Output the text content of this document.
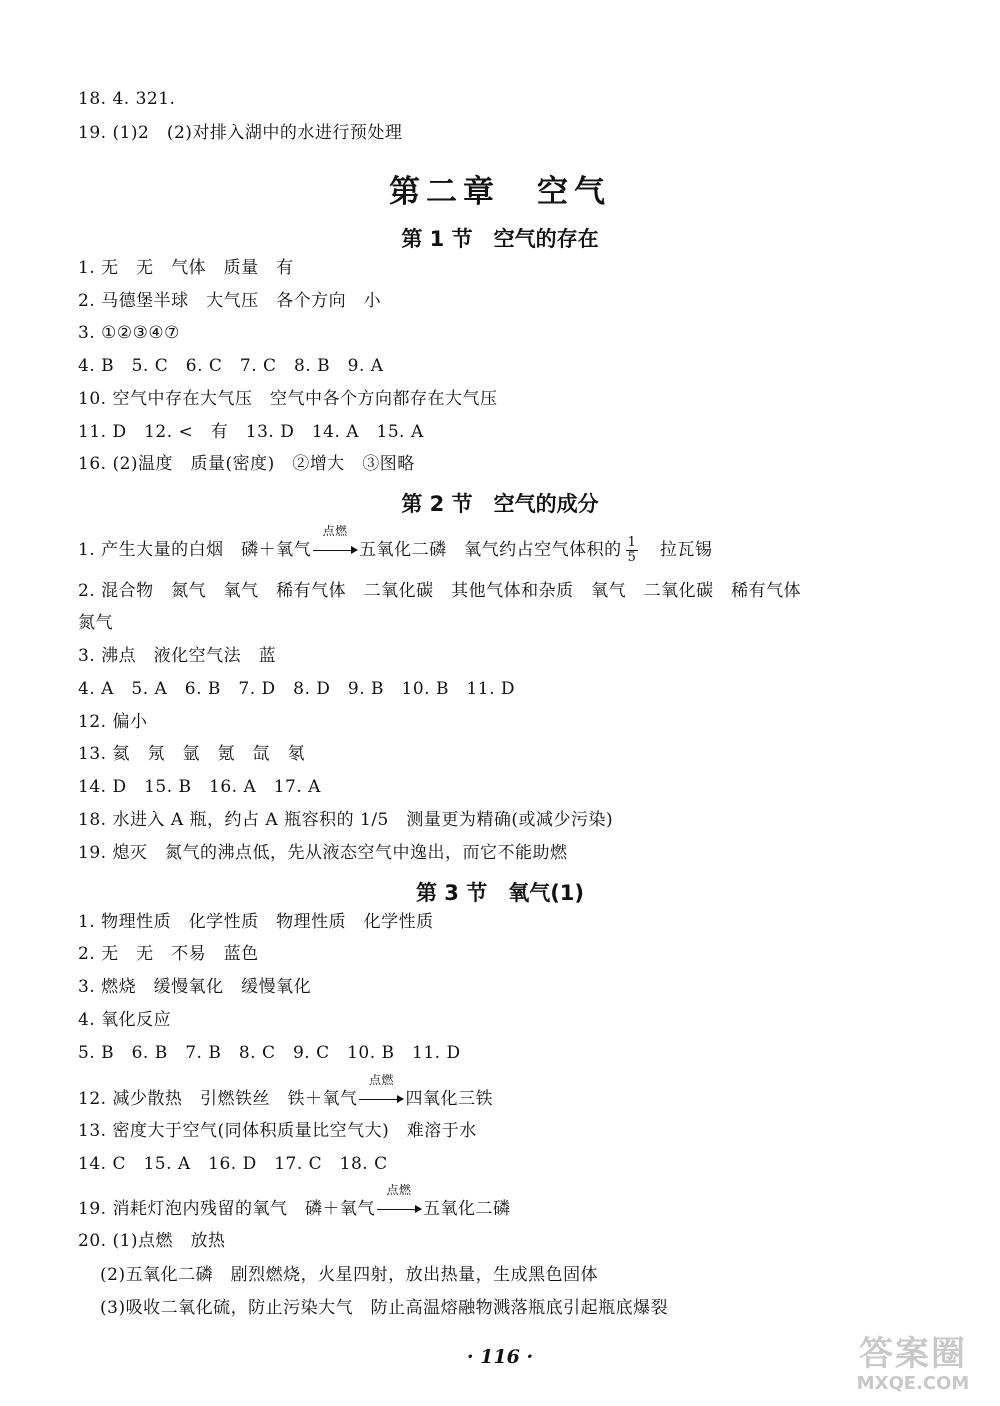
18. 4. 321.
19. (1)2　(2)对排入湖中的水进行预处理
第二章　空气
第 1 节　空气的存在
1. 无　无　气体　质量　有
2. 马德堡半球　大气压　各个方向　小
3. ①②③④⑦
4. B　5. C　6. C　7. C　8. B　9. A
10. 空气中存在大气压　空气中各个方向都存在大气压
11. D　12. <　有　13. D　14. A　15. A
16. (2)温度　质量(密度)　②增大　③图略
第 2 节　空气的成分
1. 产生大量的白烟　磷＋氧气
点燃
五氧化二磷　氧气约占空气体积的 $\frac{1}{5}$
　 拉瓦锡
2. 混合物　氮气　氧气　稀有气体　二氧化碳　其他气体和杂质　氧气　二氧化碳　稀有气体
氮气
3. 沸点　液化空气法　蓝
4. A　5. A　6. B　7. D　8. D　9. B　10. B　11. D
12. 偏小
13. 氦　氖　氩　氪　氙　氡
14. D　15. B　16. A　17. A
18. 水进入 A 瓶，约占 A 瓶容积的 1/5　测量更为精确(或减少污染)
19. 熄灭　氮气的沸点低，先从液态空气中逸出，而它不能助燃
第 3 节　氧气(1)
1. 物理性质　化学性质　物理性质　化学性质
2. 无　无　不易　蓝色
3. 燃烧　缓慢氧化　缓慢氧化
4. 氧化反应
5. B　6. B　7. B　8. C　9. C　10. B　11. D
12. 减少散热　引燃铁丝　铁＋氧气
点燃
四氧化三铁
13. 密度大于空气(同体积质量比空气大)　难溶于水
14. C　15. A　16. D　17. C　18. C
19. 消耗灯泡内残留的氧气　磷＋氧气
点燃
五氧化二磷
20. (1)点燃　放热
(2)五氧化二磷　剧烈燃烧，火星四射，放出热量，生成黑色固体
(3)吸收二氧化硫，防止污染大气　防止高温熔融物溅落瓶底引起瓶底爆裂
· 116 ·	答案圈
MXQE.COM
